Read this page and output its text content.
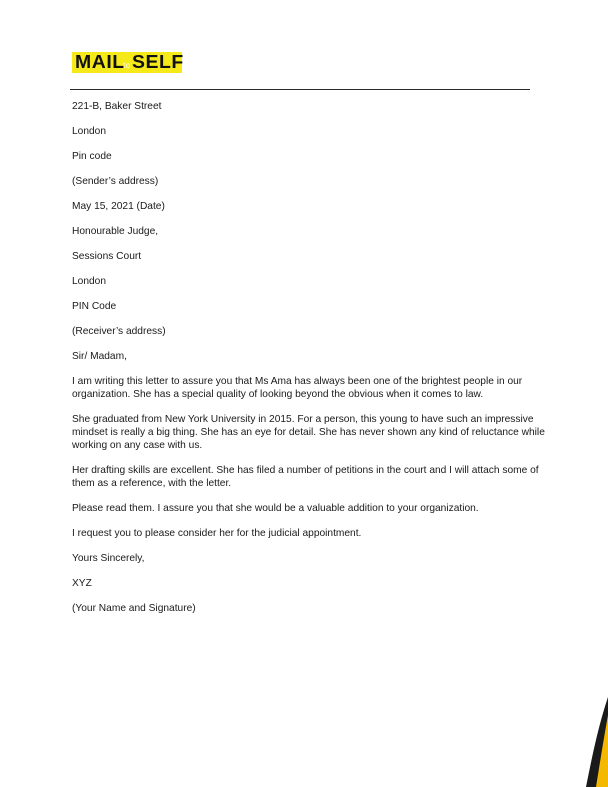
MAIL
to SELF

221-B, Baker Street

London

Pin code

(Sender’s address)

May 15, 2021 (Date)

Honourable Judge,

Sessions Court

London

PIN Code

(Receiver’s address)

Sir/ Madam,

I am writing this letter to assure you that Ms Ama has always been one of the brightest people in our

organization. She has a special quality of looking beyond the obvious when it comes to law.

She graduated from New York University in 2015. For a person, this young to have such an impressive

mindset is really a big thing. She has an eye for detail. She has never shown any kind of reluctance while

working on any case with us.

Her drafting skills are excellent. She has filed a number of petitions in the court and I will attach some of

them as a reference, with the letter.

Please read them. I assure you that she would be a valuable addition to your organization.

I request you to please consider her for the judicial appointment.

Yours Sincerely,

XYZ

(Your Name and Signature)
